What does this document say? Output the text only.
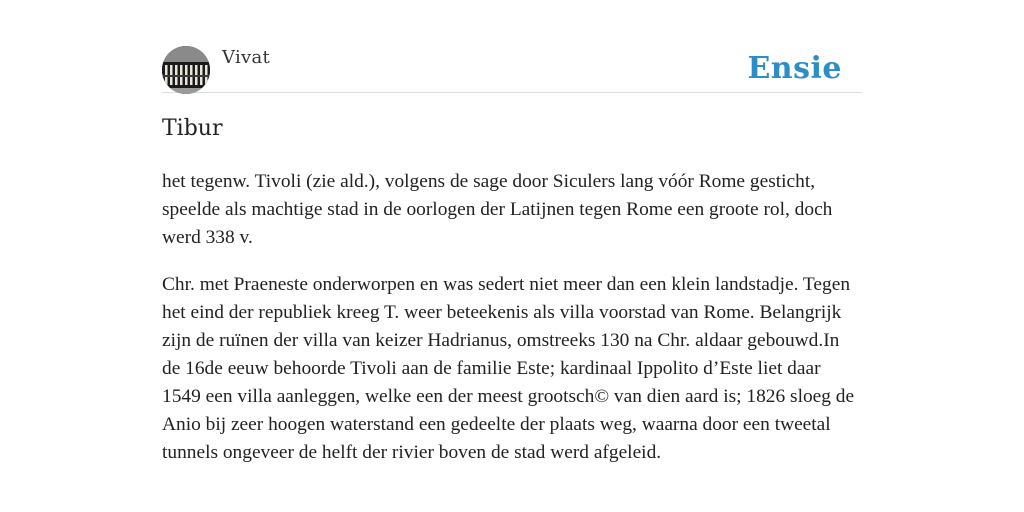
Vivat	Ensie
Tibur

het tegenw. Tivoli (zie ald.), volgens de sage door Siculers lang vóór Rome gesticht, speelde als machtige stad in de oorlogen der Latijnen tegen Rome een groote rol, doch werd 338 v.

Chr. met Praeneste onderworpen en was sedert niet meer dan een klein landstadje. Tegen het eind der republiek kreeg T. weer beteekenis als villa voorstad van Rome. Belangrijk zijn de ruïnen der villa van keizer Hadrianus, omstreeks 130 na Chr. aldaar gebouwd.In de 16de eeuw behoorde Tivoli aan de familie Este; kardinaal Ippolito d’Este liet daar 1549 een villa aanleggen, welke een der meest grootsch© van dien aard is; 1826 sloeg de Anio bij zeer hoogen waterstand een gedeelte der plaats weg, waarna door een tweetal tunnels ongeveer de helft der rivier boven de stad werd afgeleid.
